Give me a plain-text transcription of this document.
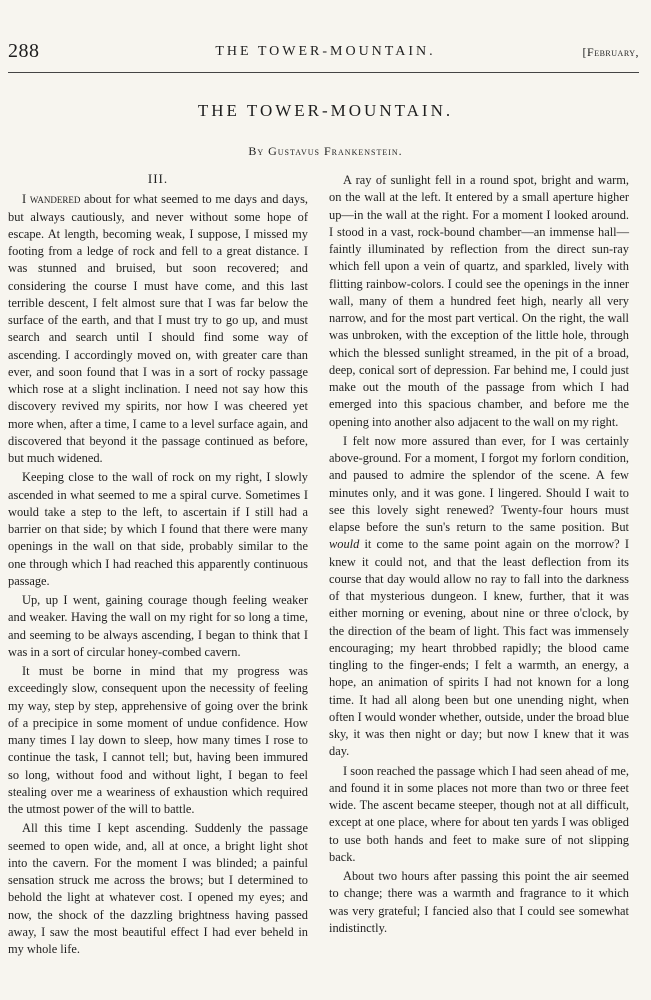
288	THE TOWER-MOUNTAIN.	[February,
THE TOWER-MOUNTAIN.
By Gustavus Frankenstein.
III.

I wandered about for what seemed to me days and days, but always cautiously, and never without some hope of escape. At length, becoming weak, I suppose, I missed my footing from a ledge of rock and fell to a great distance. I was stunned and bruised, but soon recovered; and considering the course I must have come, and this last terrible descent, I felt almost sure that I was far below the surface of the earth, and that I must try to go up, and must search and search until I should find some way of ascending. I accordingly moved on, with greater care than ever, and soon found that I was in a sort of rocky passage which rose at a slight inclination. I need not say how this discovery revived my spirits, nor how I was cheered yet more when, after a time, I came to a level surface again, and discovered that beyond it the passage continued as before, but much widened.

Keeping close to the wall of rock on my right, I slowly ascended in what seemed to me a spiral curve. Sometimes I would take a step to the left, to ascertain if I still had a barrier on that side; by which I found that there were many openings in the wall on that side, probably similar to the one through which I had reached this apparently continuous passage.

Up, up I went, gaining courage though feeling weaker and weaker. Having the wall on my right for so long a time, and seeming to be always ascending, I began to think that I was in a sort of circular honey-combed cavern.

It must be borne in mind that my progress was exceedingly slow, consequent upon the necessity of feeling my way, step by step, apprehensive of going over the brink of a precipice in some moment of undue confidence. How many times I lay down to sleep, how many times I rose to continue the task, I cannot tell; but, having been immured so long, without food and without light, I began to feel stealing over me a weariness of exhaustion which required the utmost power of the will to battle.

All this time I kept ascending. Suddenly the passage seemed to open wide, and, all at once, a bright light shot into the cavern. For the moment I was blinded; a painful sensation struck me across the brows; but I determined to behold the light at whatever cost. I opened my eyes; and now, the shock of the dazzling brightness having passed away, I saw the most beautiful effect I had ever beheld in my whole life.

A ray of sunlight fell in a round spot, bright and warm, on the wall at the left. It entered by a small aperture higher up—in the wall at the right. For a moment I looked around. I stood in a vast, rock-bound chamber—an immense hall—faintly illuminated by reflection from the direct sun-ray which fell upon a vein of quartz, and sparkled, lively with flitting rainbow-colors. I could see the openings in the inner wall, many of them a hundred feet high, nearly all very narrow, and for the most part vertical. On the right, the wall was unbroken, with the exception of the little hole, through which the blessed sunlight streamed, in the pit of a broad, deep, conical sort of depression. Far behind me, I could just make out the mouth of the passage from which I had emerged into this spacious chamber, and before me the opening into another also adjacent to the wall on my right.

I felt now more assured than ever, for I was certainly above-ground. For a moment, I forgot my forlorn condition, and paused to admire the splendor of the scene. A few minutes only, and it was gone. I lingered. Should I wait to see this lovely sight renewed? Twenty-four hours must elapse before the sun's return to the same position. But would it come to the same point again on the morrow? I knew it could not, and that the least deflection from its course that day would allow no ray to fall into the darkness of that mysterious dungeon. I knew, further, that it was either morning or evening, about nine or three o'clock, by the direction of the beam of light. This fact was immensely encouraging; my heart throbbed rapidly; the blood came tingling to the finger-ends; I felt a warmth, an energy, a hope, an animation of spirits I had not known for a long time. It had all along been but one unending night, when often I would wonder whether, outside, under the broad blue sky, it was then night or day; but now I knew that it was day.

I soon reached the passage which I had seen ahead of me, and found it in some places not more than two or three feet wide. The ascent became steeper, though not at all difficult, except at one place, where for about ten yards I was obliged to use both hands and feet to make sure of not slipping back.

About two hours after passing this point the air seemed to change; there was a warmth and fragrance to it which was very grateful; I fancied also that I could see somewhat indistinctly.
